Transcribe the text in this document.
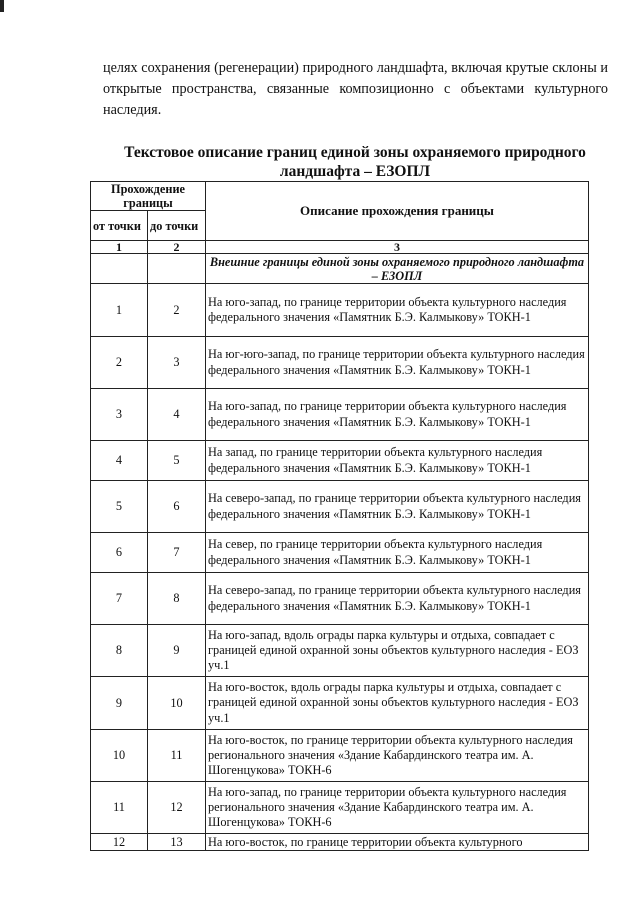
целях сохранения (регенерации) природного ландшафта, включая крутые склоны и открытые пространства, связанные композиционно с объектами культурного наследия.
Текстовое описание границ единой зоны охраняемого природного ландшафта – ЕЗОПЛ
Прохождение границы		Описание прохождения границы
от точки	до точки	
1	2	3
		Внешние границы единой зоны охраняемого природного ландшафта – ЕЗОПЛ
1	2	На юго-запад, по границе территории объекта культурного наследия федерального значения «Памятник Б.Э. Калмыкову» ТОКН-1
2	3	На юг-юго-запад, по границе территории объекта культурного наследия федерального значения «Памятник Б.Э. Калмыкову» ТОКН-1
3	4	На юго-запад, по границе территории объекта культурного наследия федерального значения «Памятник Б.Э. Калмыкову» ТОКН-1
4	5	На запад, по границе территории объекта культурного наследия федерального значения «Памятник Б.Э. Калмыкову» ТОКН-1
5	6	На северо-запад, по границе территории объекта культурного наследия федерального значения «Памятник Б.Э. Калмыкову» ТОКН-1
6	7	На север, по границе территории объекта культурного наследия федерального значения «Памятник Б.Э. Калмыкову» ТОКН-1
7	8	На северо-запад, по границе территории объекта культурного наследия федерального значения «Памятник Б.Э. Калмыкову» ТОКН-1
8	9	На юго-запад, вдоль ограды парка культуры и отдыха, совпадает с границей единой охранной зоны объектов культурного наследия - ЕОЗ уч.1
9	10	На юго-восток, вдоль ограды парка культуры и отдыха, совпадает с границей единой охранной зоны объектов культурного наследия - ЕОЗ уч.1
10	11	На юго-восток, по границе территории объекта культурного наследия регионального значения «Здание Кабардинского театра им. А. Шогенцукова» ТОКН-6
11	12	На юго-запад, по границе территории объекта культурного наследия регионального значения «Здание Кабардинского театра им. А. Шогенцукова» ТОКН-6
12	13	На юго-восток, по границе территории объекта культурного
